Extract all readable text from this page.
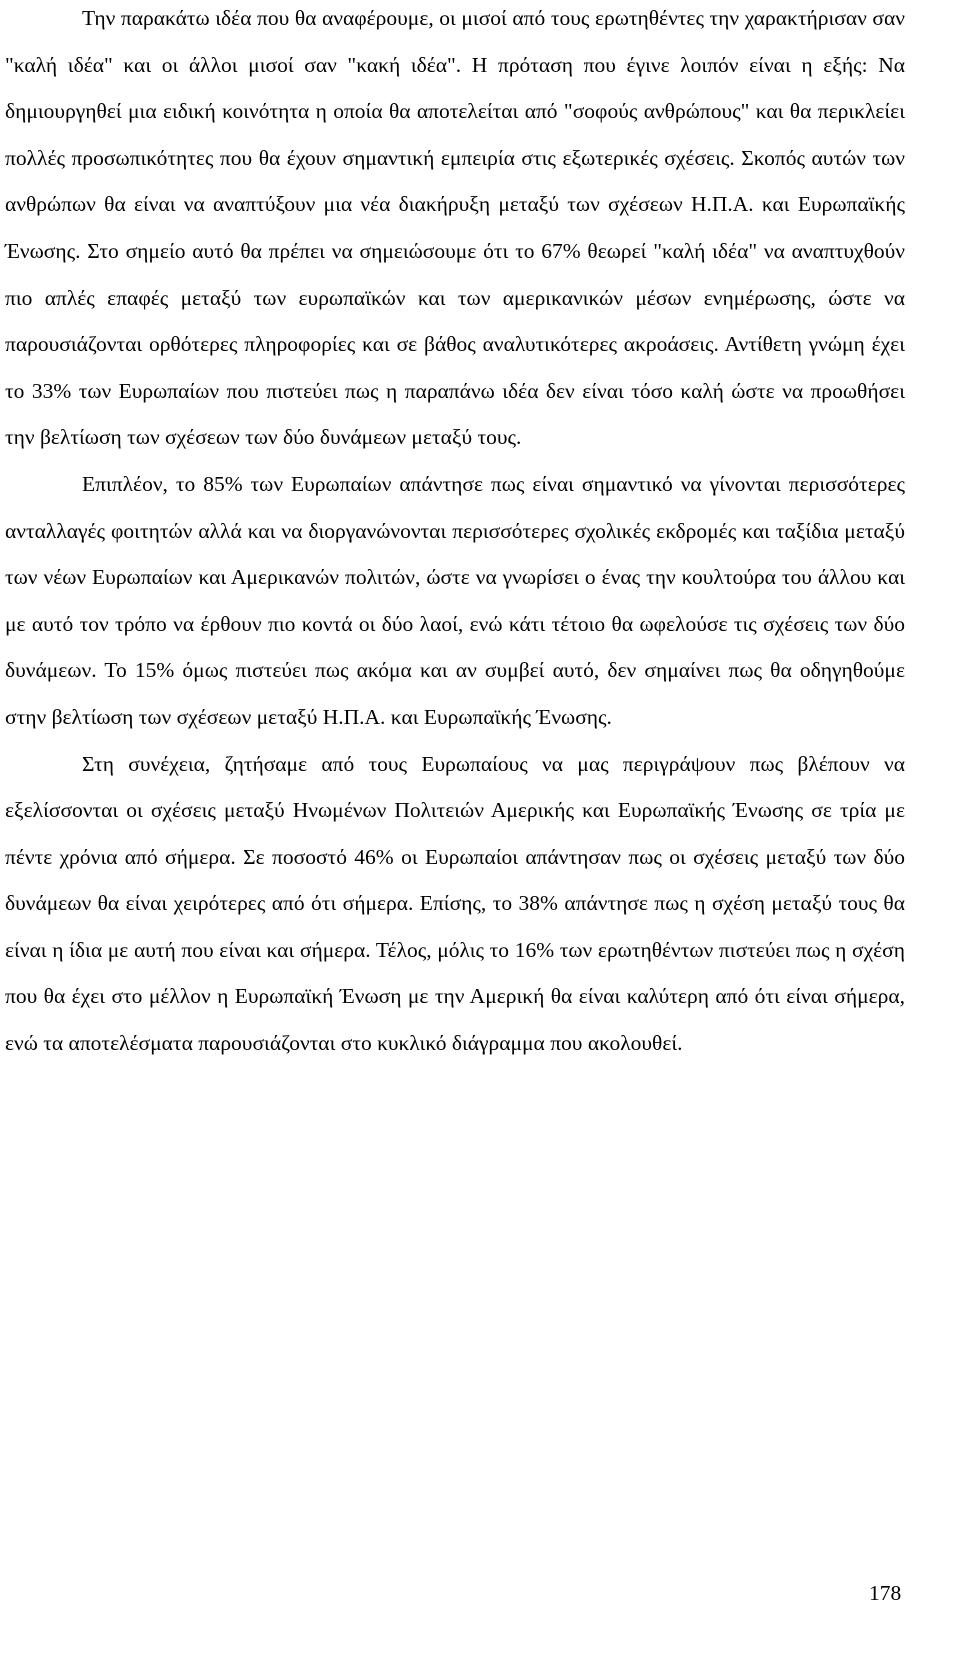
Την παρακάτω ιδέα που θα αναφέρουμε, οι μισοί από τους ερωτηθέντες την χαρακτήρισαν σαν "καλή ιδέα" και οι άλλοι μισοί σαν "κακή ιδέα". Η πρόταση που έγινε λοιπόν είναι η εξής: Να δημιουργηθεί μια ειδική κοινότητα η οποία θα αποτελείται από "σοφούς ανθρώπους" και θα περικλείει πολλές προσωπικότητες που θα έχουν σημαντική εμπειρία στις εξωτερικές σχέσεις. Σκοπός αυτών των ανθρώπων θα είναι να αναπτύξουν μια νέα διακήρυξη μεταξύ των σχέσεων Η.Π.Α. και Ευρωπαϊκής Ένωσης. Στο σημείο αυτό θα πρέπει να σημειώσουμε ότι το 67% θεωρεί "καλή ιδέα" να αναπτυχθούν πιο απλές επαφές μεταξύ των ευρωπαϊκών και των αμερικανικών μέσων ενημέρωσης, ώστε να παρουσιάζονται ορθότερες πληροφορίες και σε βάθος αναλυτικότερες ακροάσεις. Αντίθετη γνώμη έχει το 33% των Ευρωπαίων που πιστεύει πως η παραπάνω ιδέα δεν είναι τόσο καλή ώστε να προωθήσει την βελτίωση των σχέσεων των δύο δυνάμεων μεταξύ τους.

Επιπλέον, το 85% των Ευρωπαίων απάντησε πως είναι σημαντικό να γίνονται περισσότερες ανταλλαγές φοιτητών αλλά και να διοργανώνονται περισσότερες σχολικές εκδρομές και ταξίδια μεταξύ των νέων Ευρωπαίων και Αμερικανών πολιτών, ώστε να γνωρίσει ο ένας την κουλτούρα του άλλου και με αυτό τον τρόπο να έρθουν πιο κοντά οι δύο λαοί, ενώ κάτι τέτοιο θα ωφελούσε τις σχέσεις των δύο δυνάμεων. Το 15% όμως πιστεύει πως ακόμα και αν συμβεί αυτό, δεν σημαίνει πως θα οδηγηθούμε στην βελτίωση των σχέσεων μεταξύ Η.Π.Α. και Ευρωπαϊκής Ένωσης.

Στη συνέχεια, ζητήσαμε από τους Ευρωπαίους να μας περιγράψουν πως βλέπουν να εξελίσσονται οι σχέσεις μεταξύ Ηνωμένων Πολιτειών Αμερικής και Ευρωπαϊκής Ένωσης σε τρία με πέντε χρόνια από σήμερα. Σε ποσοστό 46% οι Ευρωπαίοι απάντησαν πως οι σχέσεις μεταξύ των δύο δυνάμεων θα είναι χειρότερες από ότι σήμερα. Επίσης, το 38% απάντησε πως η σχέση μεταξύ τους θα είναι η ίδια με αυτή που είναι και σήμερα. Τέλος, μόλις το 16% των ερωτηθέντων πιστεύει πως η σχέση που θα έχει στο μέλλον η Ευρωπαϊκή Ένωση με την Αμερική θα είναι καλύτερη από ότι είναι σήμερα, ενώ τα αποτελέσματα παρουσιάζονται στο κυκλικό διάγραμμα που ακολουθεί.

178
